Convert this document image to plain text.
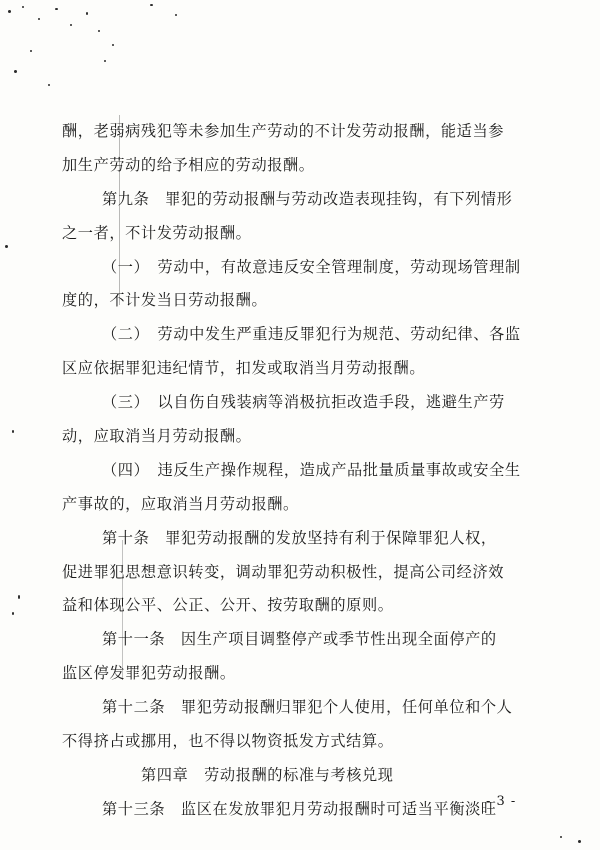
酬，老弱病残犯等未参加生产劳动的不计发劳动报酬，能适当参
加生产劳动的给予相应的劳动报酬。
第九条　罪犯的劳动报酬与劳动改造表现挂钩，有下列情形
之一者，不计发劳动报酬。
（一）　劳动中，有故意违反安全管理制度，劳动现场管理制
度的，不计发当日劳动报酬。
（二）　劳动中发生严重违反罪犯行为规范、劳动纪律、各监
区应依据罪犯违纪情节，扣发或取消当月劳动报酬。
（三）　以自伤自残装病等消极抗拒改造手段，逃避生产劳
动，应取消当月劳动报酬。
（四）　违反生产操作规程，造成产品批量质量事故或安全生
产事故的，应取消当月劳动报酬。
第十条　罪犯劳动报酬的发放坚持有利于保障罪犯人权，
促进罪犯思想意识转变，调动罪犯劳动积极性，提高公司经济效
益和体现公平、公正、公开、按劳取酬的原则。
第十一条　因生产项目调整停产或季节性出现全面停产的
监区停发罪犯劳动报酬。
第十二条　罪犯劳动报酬归罪犯个人使用，任何单位和个人
不得挤占或挪用，也不得以物资抵发方式结算。
第四章　劳动报酬的标准与考核兑现
第十三条　监区在发放罪犯月劳动报酬时可适当平衡淡旺
- 3 -
